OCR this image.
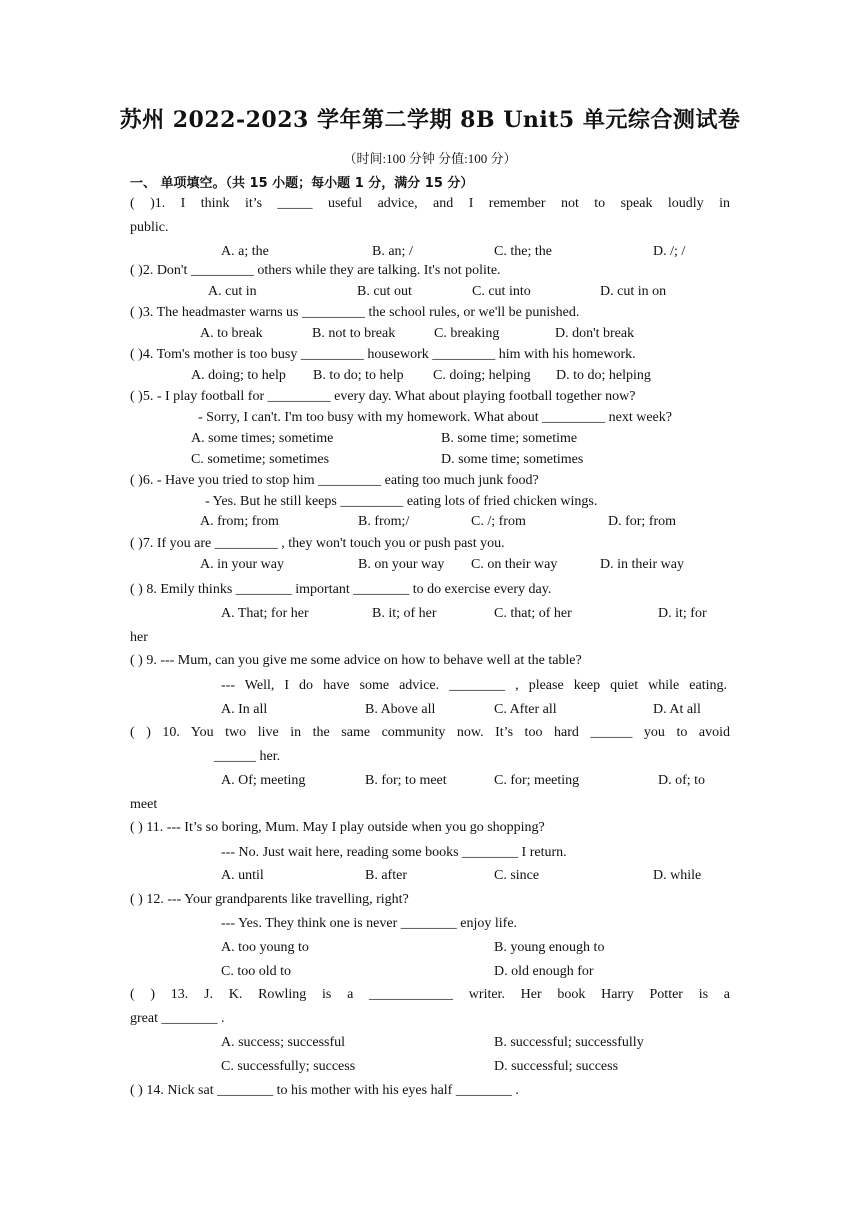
苏州 2022-2023 学年第二学期 8B Unit5 单元综合测试卷
（时间:100 分钟 分值:100 分）
一、 单项填空。（共 15 小题；每小题 1 分，满分 15 分）
( )1. I think it’s _____ useful advice, and I remember not to speak loudly in
public.
A. a; the	B. an; /	C. the; the	D. /; /
( )2. Don't _________ others while they are talking. It's not polite.
A. cut in	B. cut out	C. cut into	D. cut in on
( )3. The headmaster warns us _________ the school rules, or we'll be punished.
A. to break	B. not to break	C. breaking	D. don't break
( )4. Tom's mother is too busy _________ housework _________ him with his homework.
A. doing; to help B. to do; to help C. doing; helping D. to do; helping
( )5. - I play football for _________ every day. What about playing football together now?
- Sorry, I can't. I'm too busy with my homework. What about _________ next week?
A. some times; sometime	B. some time; sometime
C. sometime; sometimes	D. some time; sometimes
( )6. - Have you tried to stop him _________ eating too much junk food?
- Yes. But he still keeps _________ eating lots of fried chicken wings.
A. from; from	B. from;/	C. /; from	D. for; from
( )7. If you are _________ , they won't touch you or push past you.
A. in your way	B. on your way C. on their way	D. in their way
( ) 8. Emily thinks ________ important ________ to do exercise every day.
A. That; for her	B. it; of her	C. that; of her	D. it; for
her
( ) 9. --- Mum, can you give me some advice on how to behave well at the table?
--- Well, I do have some advice. ________ , please keep quiet while eating.
A. In all	B. Above all	C. After all	D. At all
( ) 10. You two live in the same community now. It’s too hard ______ you to avoid
______ her.
A. Of; meeting	B. for; to meet	C. for; meeting	D. of; to
meet
( ) 11. --- It’s so boring, Mum. May I play outside when you go shopping?
--- No. Just wait here, reading some books ________ I return.
A. until	B. after	C. since	D. while
( ) 12. --- Your grandparents like travelling, right?
--- Yes. They think one is never ________ enjoy life.
A. too young to	B. young enough to
C. too old to	D. old enough for
( ) 13. J. K. Rowling is a ____________ writer. Her book Harry Potter is a
great ________ .
A. success; successful	B. successful; successfully
C. successfully; success	D. successful; success
( ) 14. Nick sat ________ to his mother with his eyes half ________ .
